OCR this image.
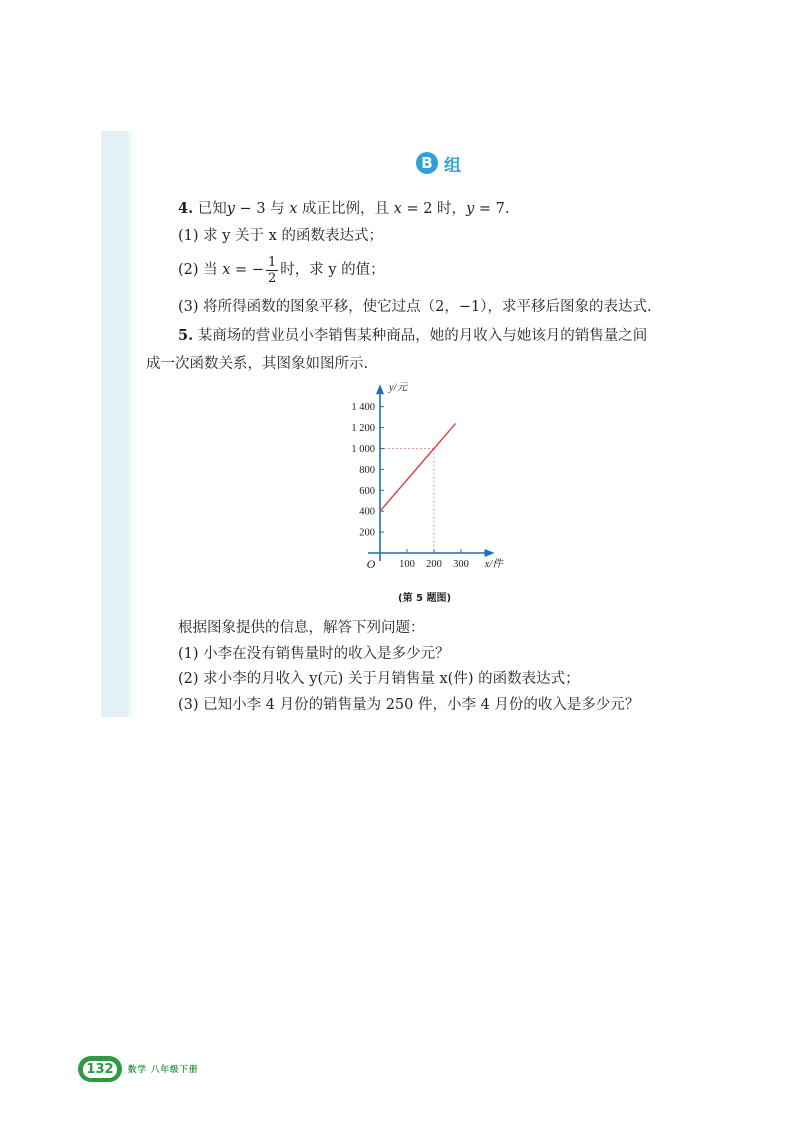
B 组
4. 已知y − 3 与 x 成正比例，且 x = 2 时，y = 7.
(1) 求 y 关于 x 的函数表达式；
(2) 当 x = − $\frac{1}{2}$ 时，求 y 的值；
(3) 将所得函数的图象平移，使它过点（2，−1），求平移后图象的表达式.
5. 某商场的营业员小李销售某种商品，她的月收入与她该月的销售量之间
成一次函数关系，其图象如图所示.
200
400
600
800
1 000
1 200
1 400
100 200 300
O	x/件
y/元
(第 5 题图)
根据图象提供的信息，解答下列问题：
(1) 小李在没有销售量时的收入是多少元？
(2) 求小李的月收入 y(元) 关于月销售量 x(件) 的函数表达式；
(3) 已知小李 4 月份的销售量为 250 件，小李 4 月份的收入是多少元？
132	数学 八年级下册
